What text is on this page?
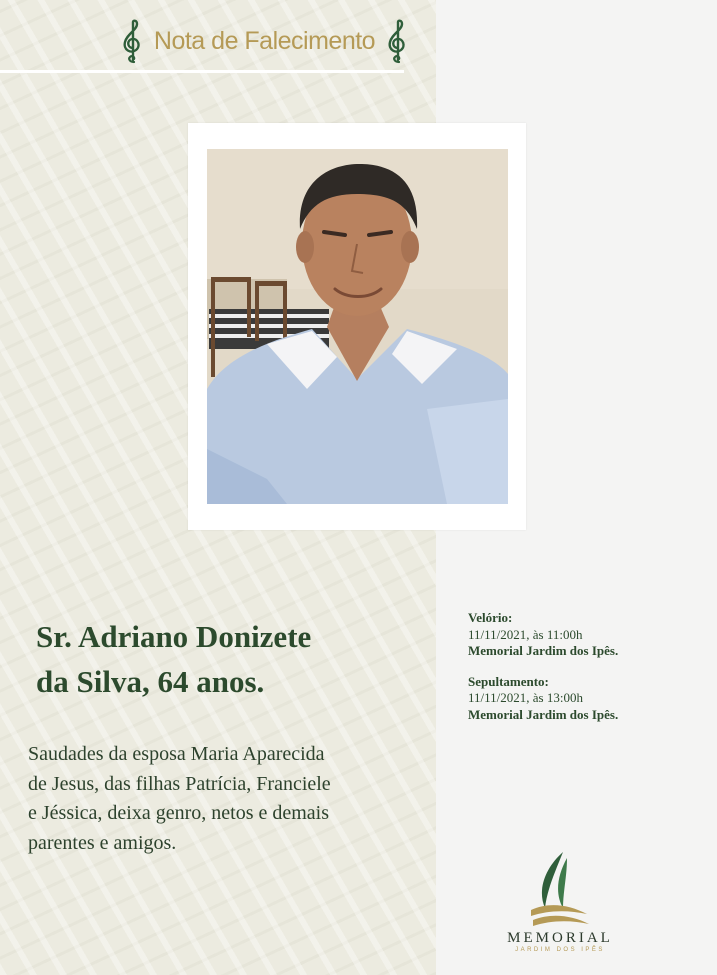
Nota de Falecimento
Sr. Adriano Donizete
da Silva, 64 anos.
Saudades da esposa Maria Aparecida
de Jesus, das filhas Patrícia, Franciele
e Jéssica, deixa genro, netos e demais
parentes e amigos.
Velório:
11/11/2021, às 11:00h
Memorial Jardim dos Ipês.
Sepultamento:
11/11/2021, às 13:00h
Memorial Jardim dos Ipês.
MEMORIAL
JARDIM DOS IPÊS
